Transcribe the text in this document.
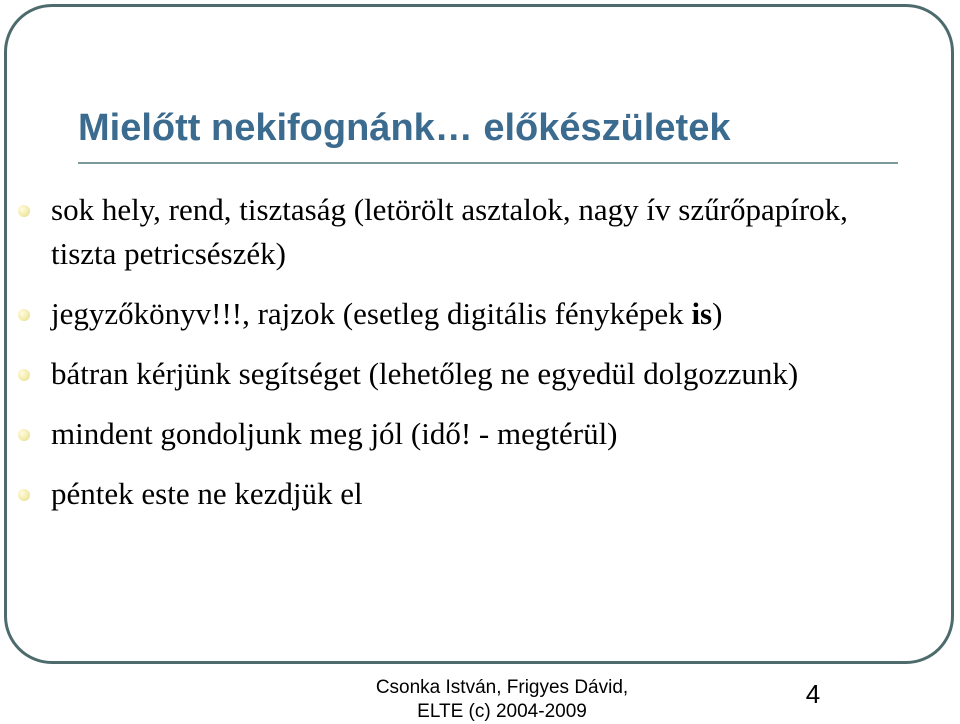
Mielőtt nekifognánk… előkészületek
sok hely, rend, tisztaság (letörölt asztalok, nagy ív szűrőpapírok, tiszta petricsészék)
jegyzőkönyv!!!, rajzok (esetleg digitális fényképek is)
bátran kérjünk segítséget (lehetőleg ne egyedül dolgozzunk)
mindent gondoljunk meg jól (idő! - megtérül)
péntek este ne kezdjük el
Csonka István, Frigyes Dávid,
ELTE (c) 2004-2009
4
